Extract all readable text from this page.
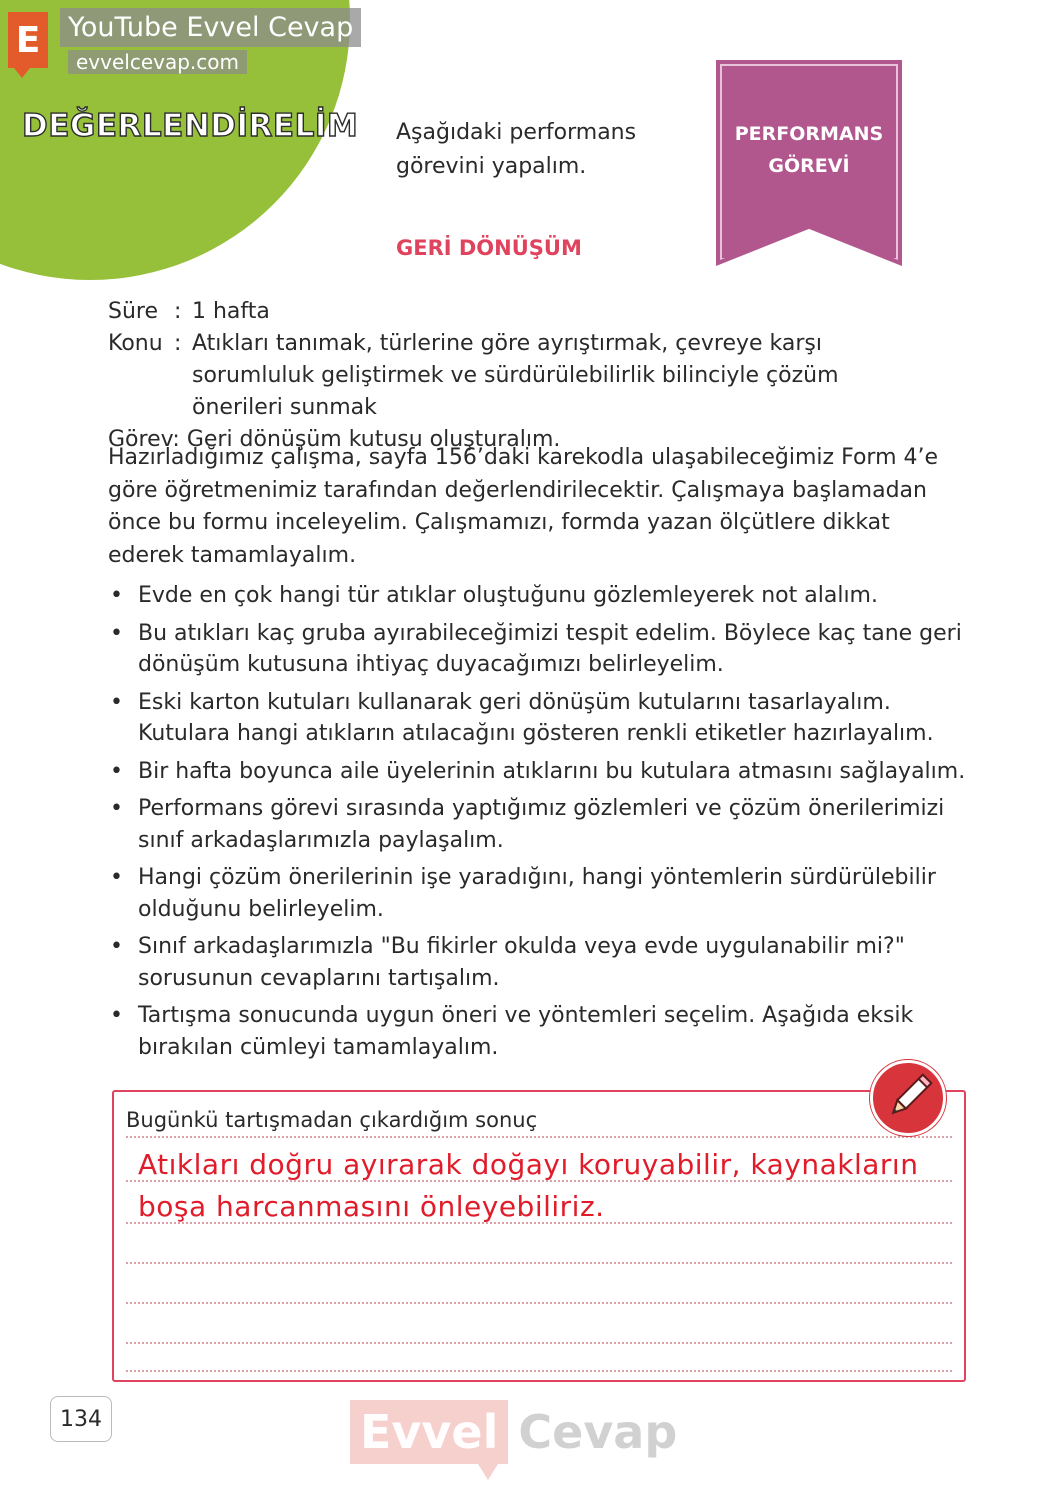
DEĞERLENDİRELİM
E YouTube Evvel Cevap
evvelcevap.com
Aşağıdaki performans görevini yapalım.
PERFORMANS
GÖREVİ
GERİ DÖNÜŞÜM
Süre : 1 hafta
Konu : Atıkları tanımak, türlerine göre ayrıştırmak, çevreye karşı sorumluluk geliştirmek ve sürdürülebilirlik bilinciyle çözüm önerileri sunmak
Görev: Geri dönüşüm kutusu oluşturalım.
Hazırladığımız çalışma, sayfa 156’daki karekodla ulaşabileceğimiz Form 4’e göre öğretmenimiz tarafından değerlendirilecektir. Çalışmaya başlamadan önce bu formu inceleyelim. Çalışmamızı, formda yazan ölçütlere dikkat ederek tamamlayalım.
• Evde en çok hangi tür atıklar oluştuğunu gözlemleyerek not alalım.
• Bu atıkları kaç gruba ayırabileceğimizi tespit edelim. Böylece kaç tane geri dönüşüm kutusuna ihtiyaç duyacağımızı belirleyelim.
• Eski karton kutuları kullanarak geri dönüşüm kutularını tasarlayalım. Kutulara hangi atıkların atılacağını gösteren renkli etiketler hazırlayalım.
• Bir hafta boyunca aile üyelerinin atıklarını bu kutulara atmasını sağlayalım.
• Performans görevi sırasında yaptığımız gözlemleri ve çözüm önerilerimizi sınıf arkadaşlarımızla paylaşalım.
• Hangi çözüm önerilerinin işe yaradığını, hangi yöntemlerin sürdürülebilir olduğunu belirleyelim.
• Sınıf arkadaşlarımızla "Bu fikirler okulda veya evde uygulanabilir mi?" sorusunun cevaplarını tartışalım.
• Tartışma sonucunda uygun öneri ve yöntemleri seçelim. Aşağıda eksik bırakılan cümleyi tamamlayalım.
Bugünkü tartışmadan çıkardığım sonuç
Atıkları doğru ayırarak doğayı koruyabilir, kaynakların boşa harcanmasını önleyebiliriz.
134	Evvel Cevap
